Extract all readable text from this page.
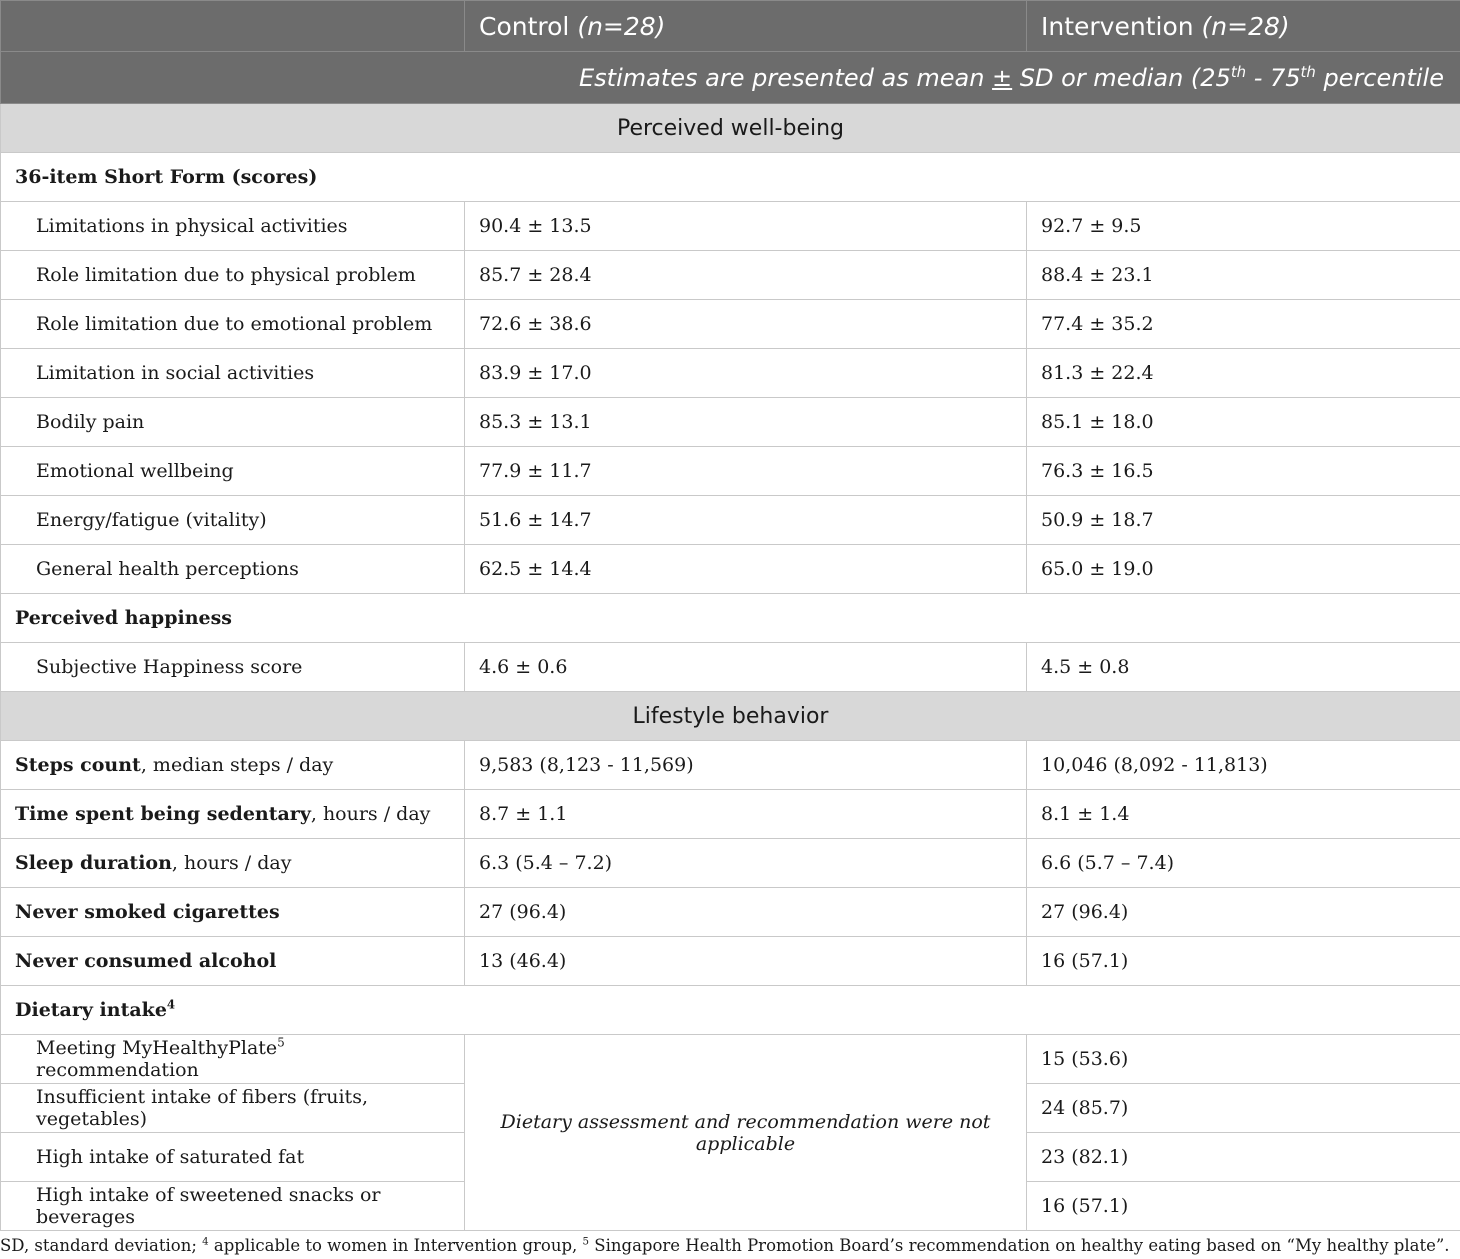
	Control (n=28)	Intervention (n=28)
Estimates are presented as mean ± SD or median (25th - 75th percentile		
Perceived well-being		
36-item Short Form (scores)		
Limitations in physical activities	90.4 ± 13.5	92.7 ± 9.5
Role limitation due to physical problem	85.7 ± 28.4	88.4 ± 23.1
Role limitation due to emotional problem	72.6 ± 38.6	77.4 ± 35.2
Limitation in social activities	83.9 ± 17.0	81.3 ± 22.4
Bodily pain	85.3 ± 13.1	85.1 ± 18.0
Emotional wellbeing	77.9 ± 11.7	76.3 ± 16.5
Energy/fatigue (vitality)	51.6 ± 14.7	50.9 ± 18.7
General health perceptions	62.5 ± 14.4	65.0 ± 19.0
Perceived happiness		
Subjective Happiness score	4.6 ± 0.6	4.5 ± 0.8
Lifestyle behavior		
Steps count, median steps / day	9,583 (8,123 - 11,569)	10,046 (8,092 - 11,813)
Time spent being sedentary, hours / day	8.7 ± 1.1	8.1 ± 1.4
Sleep duration, hours / day	6.3 (5.4 – 7.2)	6.6 (5.7 – 7.4)
Never smoked cigarettes	27 (96.4)	27 (96.4)
Never consumed alcohol	13 (46.4)	16 (57.1)
Dietary intake$^4$
Meeting MyHealthyPlate$^5$ recommendation	Dietary assessment and recommendation were not applicable	15 (53.6)
Insufficient intake of fibers (fruits, vegetables)		24 (85.7)
High intake of saturated fat		23 (82.1)
High intake of sweetened snacks or beverages		16 (57.1)
SD, standard deviation; $^4$ applicable to women in Intervention group, $^5$ Singapore Health Promotion Board’s recommendation on healthy eating based on “My healthy plate”.
